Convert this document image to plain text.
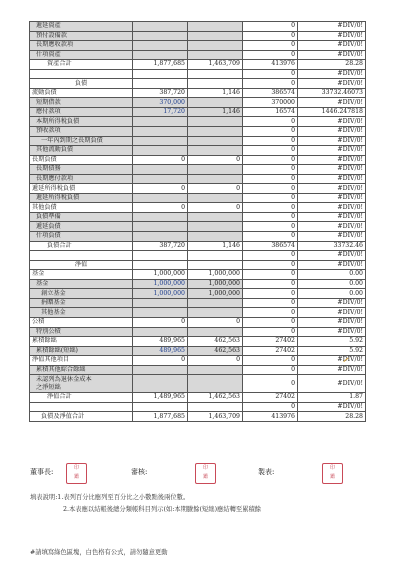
遞延資產			0	#DIV/0!
預付設備款			0	#DIV/0!
長期應收款項			0	#DIV/0!
什項資產			0	#DIV/0!
資產合計	1,877,685	1,463,709	413976	28.28
			0	#DIV/0!
負債			0	#DIV/0!
流動負債	387,720	1,146	386574	33732.46073
短期借款	370,000		370000	#DIV/0!
應付款項	17,720	1,146	16574	1446.247818
本期所得稅負債			0	#DIV/0!
預收款項			0	#DIV/0!
一年內到期之長期負債			0	#DIV/0!
其他流動負債			0	#DIV/0!
長期負債	0	0	0	#DIV/0!
長期債務			0	#DIV/0!
長期應付款項			0	#DIV/0!
遞延所得稅負債	0	0	0	#DIV/0!
遞延所得稅負債			0	#DIV/0!
其他負債	0	0	0	#DIV/0!
負債準備			0	#DIV/0!
遞延負債			0	#DIV/0!
什項負債			0	#DIV/0!
負債合計	387,720	1,146	386574	33732.46
			0	#DIV/0!
淨值			0	#DIV/0!
基金	1,000,000	1,000,000	0	0.00
基金	1,000,000	1,000,000	0	0.00
創立基金	1,000,000	1,000,000	0	0.00
捐贈基金			0	#DIV/0!
其他基金			0	#DIV/0!
公積	0	0	0	#DIV/0!
特別公積			0	#DIV/0!
累積餘絀	489,965	462,563	27402	5.92
累積餘絀(短絀)	489,965	462,563	27402	5.92
淨值其他項目	0	0	0	#DIV/0!
累積其他綜合餘絀			0	#DIV/0!

未認列為退休金成本
之淨短絀			0	#DIV/0!
淨值合計	1,489,965	1,462,563	27402	1.87
			0	#DIV/0!
負債及淨值合計	1,877,685	1,463,709	413976	28.28
董事長:	印
鑑
審核:	印
鑑
製表:	印
鑑
填表說明:1.表列百分比應列至百分比之小數點後兩位數。
2.本表應以結帳後總分類帳科目列示(如:本期賸餘(短絀)應結轉至累積餘
#請填寫綠色區塊，白色格有公式，請勿隨意更動
